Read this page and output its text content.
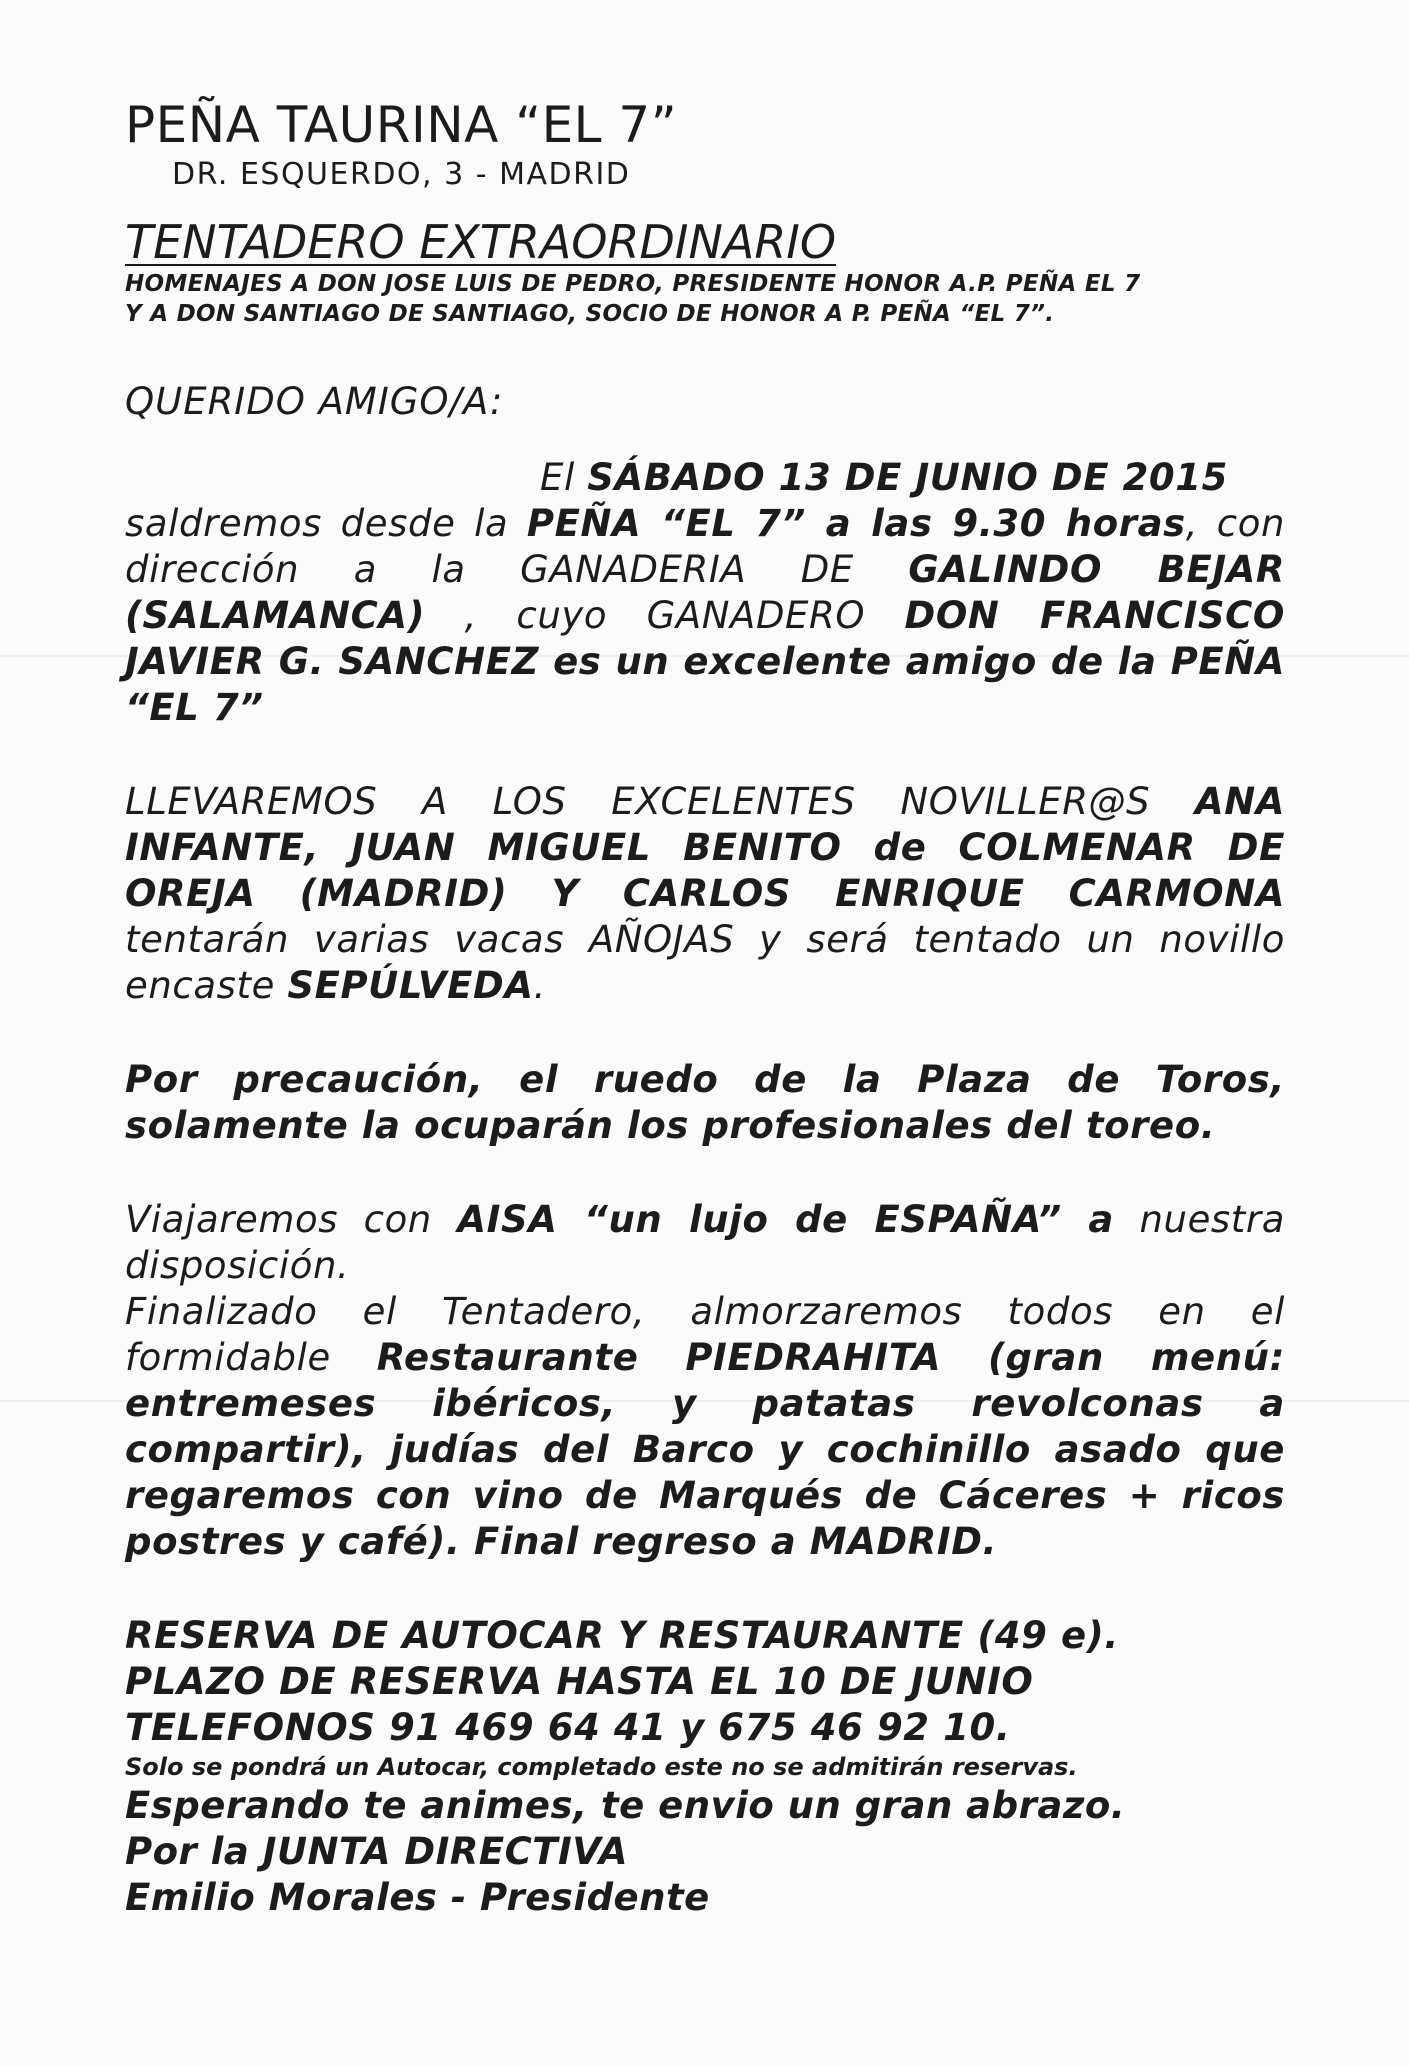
PEÑA TAURINA “EL 7”
DR. ESQUERDO, 3 - MADRID
TENTADERO EXTRAORDINARIO
HOMENAJES A DON JOSE LUIS DE PEDRO, PRESIDENTE HONOR A.P. PEÑA EL 7
Y A DON SANTIAGO DE SANTIAGO, SOCIO DE HONOR A P. PEÑA “EL 7”.
QUERIDO AMIGO/A:

El SÁBADO 13 DE JUNIO DE 2015
saldremos desde la PEÑA “EL 7” a las 9.30 horas, con dirección a la GANADERIA DE GALINDO BEJAR (SALAMANCA) , cuyo GANADERO DON FRANCISCO JAVIER G. SANCHEZ es un excelente amigo de la PEÑA “EL 7”

LLEVAREMOS A LOS EXCELENTES NOVILLER@S ANA INFANTE, JUAN MIGUEL BENITO de COLMENAR DE OREJA (MADRID) Y CARLOS ENRIQUE CARMONA tentarán varias vacas AÑOJAS y será tentado un novillo encaste SEPÚLVEDA.

Por precaución, el ruedo de la Plaza de Toros, solamente la ocuparán los profesionales del toreo.

Viajaremos con AISA “un lujo de ESPAÑA” a nuestra disposición.

Finalizado el Tentadero, almorzaremos todos en el formidable Restaurante PIEDRAHITA (gran menú: entremeses ibéricos, y patatas revolconas a compartir), judías del Barco y cochinillo asado que regaremos con vino de Marqués de Cáceres + ricos postres y café). Final regreso a MADRID.

RESERVA DE AUTOCAR Y RESTAURANTE (49 e).

PLAZO DE RESERVA HASTA EL 10 DE JUNIO

TELEFONOS 91 469 64 41 y 675 46 92 10.

Solo se pondrá un Autocar, completado este no se admitirán reservas.

Esperando te animes, te envio un gran abrazo.

Por la JUNTA DIRECTIVA

Emilio Morales - Presidente
